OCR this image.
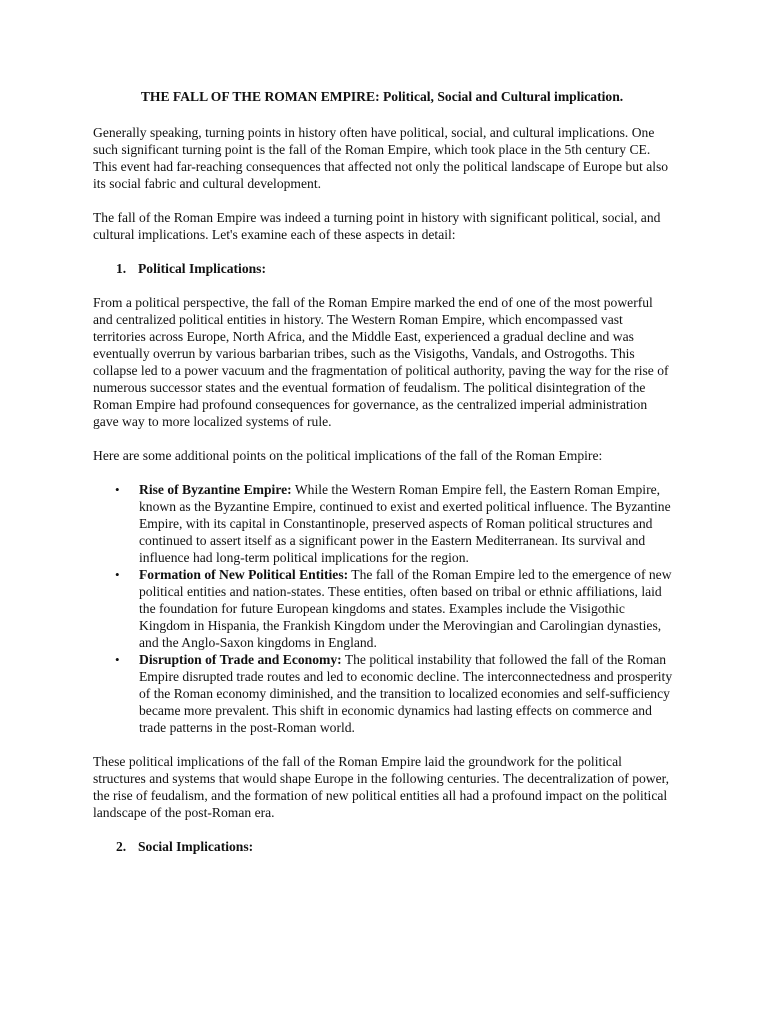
THE FALL OF THE ROMAN EMPIRE: Political, Social and Cultural implication.

Generally speaking, turning points in history often have political, social, and cultural implications. One such significant turning point is the fall of the Roman Empire, which took place in the 5th century CE. This event had far-reaching consequences that affected not only the political landscape of Europe but also its social fabric and cultural development.

The fall of the Roman Empire was indeed a turning point in history with significant political, social, and cultural implications. Let's examine each of these aspects in detail:

1. Political Implications:

From a political perspective, the fall of the Roman Empire marked the end of one of the most powerful and centralized political entities in history. The Western Roman Empire, which encompassed vast territories across Europe, North Africa, and the Middle East, experienced a gradual decline and was eventually overrun by various barbarian tribes, such as the Visigoths, Vandals, and Ostrogoths. This collapse led to a power vacuum and the fragmentation of political authority, paving the way for the rise of numerous successor states and the eventual formation of feudalism. The political disintegration of the Roman Empire had profound consequences for governance, as the centralized imperial administration gave way to more localized systems of rule.

Here are some additional points on the political implications of the fall of the Roman Empire:

• Rise of Byzantine Empire: While the Western Roman Empire fell, the Eastern Roman Empire, known as the Byzantine Empire, continued to exist and exerted political influence. The Byzantine Empire, with its capital in Constantinople, preserved aspects of Roman political structures and continued to assert itself as a significant power in the Eastern Mediterranean. Its survival and influence had long-term political implications for the region.
• Formation of New Political Entities: The fall of the Roman Empire led to the emergence of new political entities and nation-states. These entities, often based on tribal or ethnic affiliations, laid the foundation for future European kingdoms and states. Examples include the Visigothic Kingdom in Hispania, the Frankish Kingdom under the Merovingian and Carolingian dynasties, and the Anglo-Saxon kingdoms in England.
• Disruption of Trade and Economy: The political instability that followed the fall of the Roman Empire disrupted trade routes and led to economic decline. The interconnectedness and prosperity of the Roman economy diminished, and the transition to localized economies and self-sufficiency became more prevalent. This shift in economic dynamics had lasting effects on commerce and trade patterns in the post-Roman world.

These political implications of the fall of the Roman Empire laid the groundwork for the political structures and systems that would shape Europe in the following centuries. The decentralization of power, the rise of feudalism, and the formation of new political entities all had a profound impact on the political landscape of the post-Roman era.

2. Social Implications:
